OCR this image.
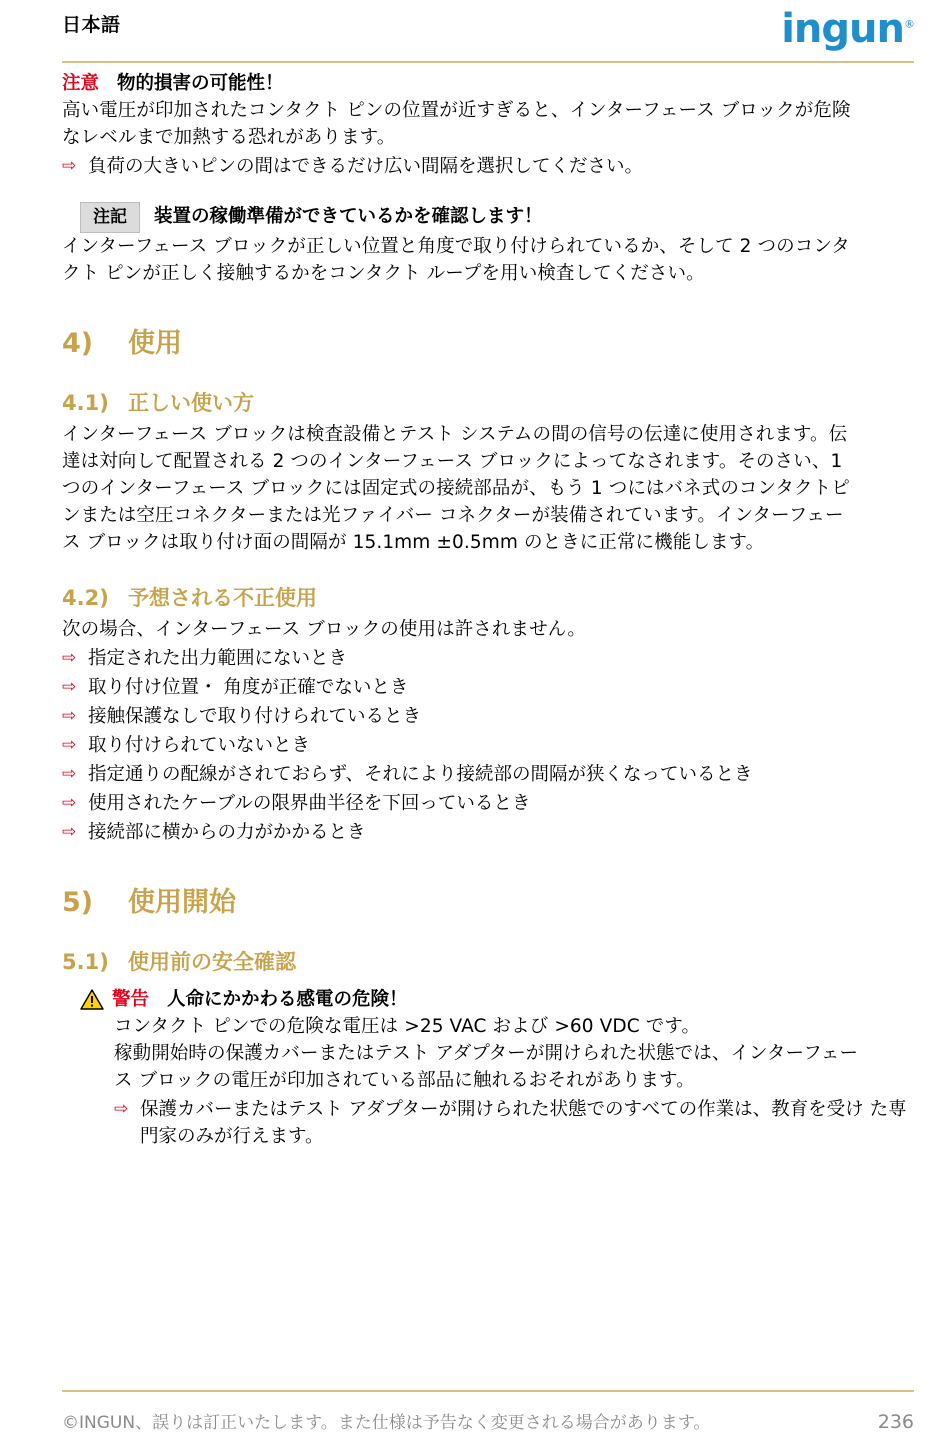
日本語	ingun®
注意 物的損害の可能性！
高い電圧が印加されたコンタクト ピンの位置が近すぎると、インターフェース ブロックが危険
なレベルまで加熱する恐れがあります。
⇨ 負荷の大きいピンの間はできるだけ広い間隔を選択してください。
注記 装置の稼働準備ができているかを確認します！
インターフェース ブロックが正しい位置と角度で取り付けられているか、そして 2 つのコンタ
クト ピンが正しく接触するかをコンタクト ループを用い検査してください。
4) 使用
4.1) 正しい使い方
インターフェース ブロックは検査設備とテスト システムの間の信号の伝達に使用されます。伝
達は対向して配置される 2 つのインターフェース ブロックによってなされます。そのさい、1
つのインターフェース ブロックには固定式の接続部品が、もう 1 つにはバネ式のコンタクトピ
ンまたは空圧コネクターまたは光ファイバー コネクターが装備されています。インターフェー
ス ブロックは取り付け面の間隔が 15.1mm ±0.5mm のときに正常に機能します。
4.2) 予想される不正使用
次の場合、インターフェース ブロックの使用は許されません。
⇨ 指定された出力範囲にないとき
⇨ 取り付け位置・ 角度が正確でないとき
⇨ 接触保護なしで取り付けられているとき
⇨ 取り付けられていないとき
⇨ 指定通りの配線がされておらず、それにより接続部の間隔が狭くなっているとき
⇨ 使用されたケーブルの限界曲半径を下回っているとき
⇨ 接続部に横からの力がかかるとき
5) 使用開始
5.1) 使用前の安全確認
警告 人命にかかわる感電の危険！
コンタクト ピンでの危険な電圧は >25 VAC および >60 VDC です。
稼動開始時の保護カバーまたはテスト アダプターが開けられた状態では、インターフェー
ス ブロックの電圧が印加されている部品に触れるおそれがあります。
⇨ 保護カバーまたはテスト アダプターが開けられた状態でのすべての作業は、教育を受け た専門家のみが行えます。
©INGUN、誤りは訂正いたします。また仕様は予告なく変更される場合があります。	236
